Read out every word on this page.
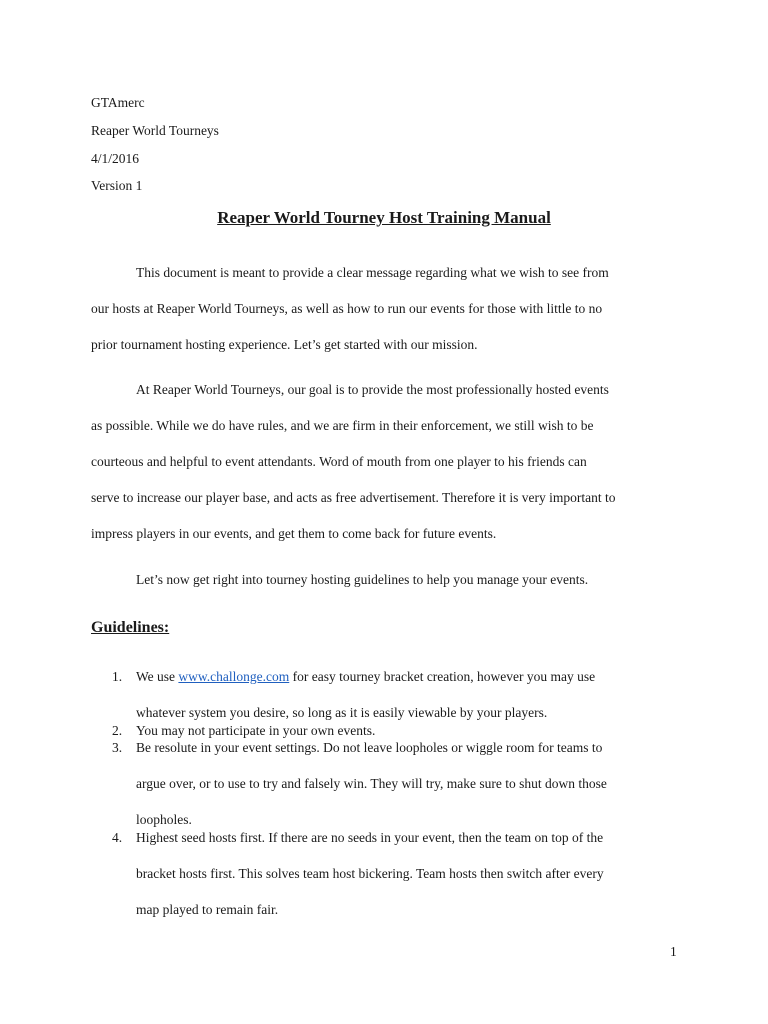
GTAmerc
Reaper World Tourneys
4/1/2016
Version 1
Reaper World Tourney Host Training Manual
This document is meant to provide a clear message regarding what we wish to see from
our hosts at Reaper World Tourneys, as well as how to run our events for those with little to no
prior tournament hosting experience. Let’s get started with our mission.
At Reaper World Tourneys, our goal is to provide the most professionally hosted events
as possible. While we do have rules, and we are firm in their enforcement, we still wish to be
courteous and helpful to event attendants. Word of mouth from one player to his friends can
serve to increase our player base, and acts as free advertisement. Therefore it is very important to
impress players in our events, and get them to come back for future events.
Let’s now get right into tourney hosting guidelines to help you manage your events.
Guidelines:
1. We use www.challonge.com for easy tourney bracket creation, however you may use
whatever system you desire, so long as it is easily viewable by your players.
2. You may not participate in your own events.
3. Be resolute in your event settings. Do not leave loopholes or wiggle room for teams to
argue over, or to use to try and falsely win. They will try, make sure to shut down those
loopholes.
4. Highest seed hosts first. If there are no seeds in your event, then the team on top of the
bracket hosts first. This solves team host bickering. Team hosts then switch after every
map played to remain fair.
1
